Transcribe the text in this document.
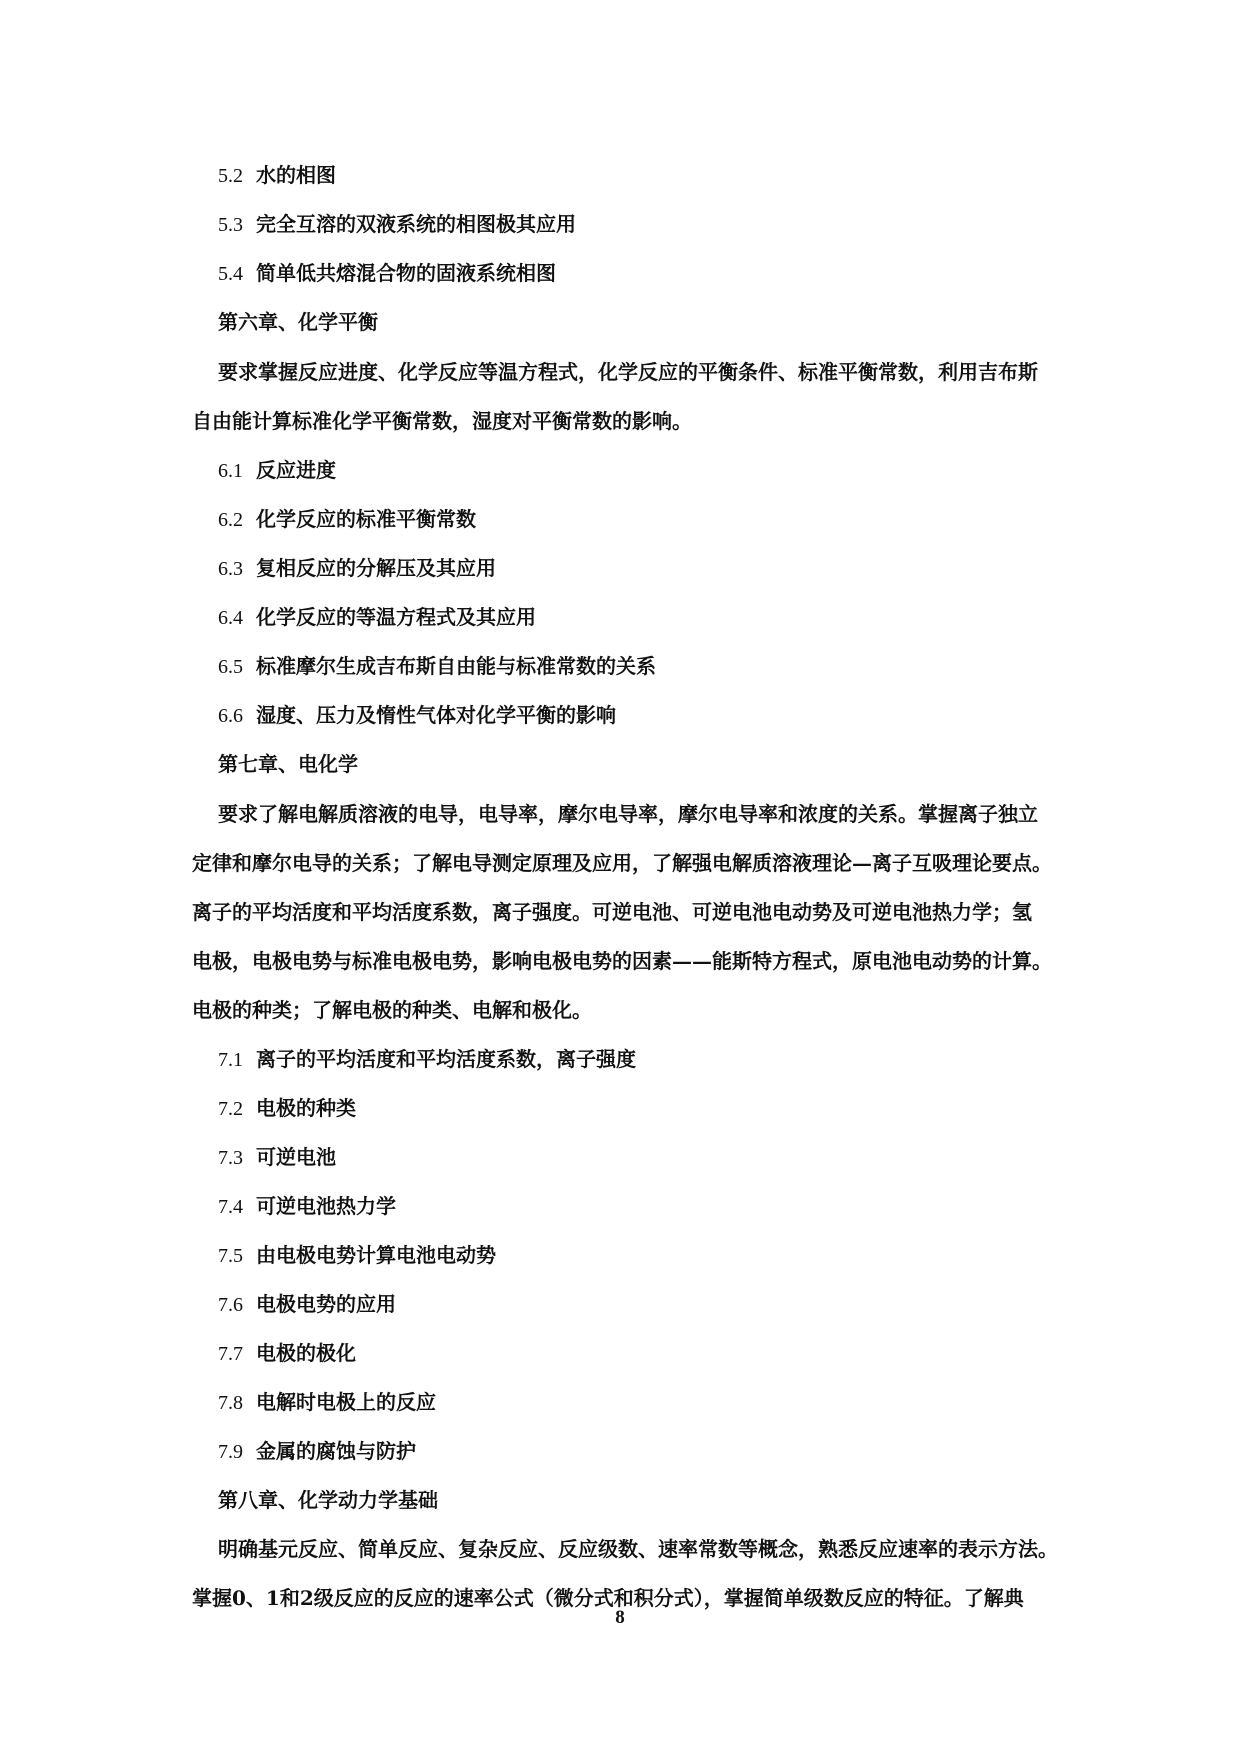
5.2 水的相图
5.3 完全互溶的双液系统的相图极其应用
5.4 简单低共熔混合物的固液系统相图
第六章、化学平衡
要求掌握反应进度、化学反应等温方程式，化学反应的平衡条件、标准平衡常数，利用吉布斯
自由能计算标准化学平衡常数，湿度对平衡常数的影响。
6.1 反应进度
6.2 化学反应的标准平衡常数
6.3 复相反应的分解压及其应用
6.4 化学反应的等温方程式及其应用
6.5 标准摩尔生成吉布斯自由能与标准常数的关系
6.6 湿度、压力及惰性气体对化学平衡的影响
第七章、电化学
要求了解电解质溶液的电导，电导率，摩尔电导率，摩尔电导率和浓度的关系。掌握离子独立
定律和摩尔电导的关系；了解电导测定原理及应用，了解强电解质溶液理论—离子互吸理论要点。
离子的平均活度和平均活度系数，离子强度。可逆电池、可逆电池电动势及可逆电池热力学；氢
电极，电极电势与标准电极电势，影响电极电势的因素——能斯特方程式，原电池电动势的计算。
电极的种类；了解电极的种类、电解和极化。
7.1 离子的平均活度和平均活度系数，离子强度
7.2 电极的种类
7.3 可逆电池
7.4 可逆电池热力学
7.5 由电极电势计算电池电动势
7.6 电极电势的应用
7.7 电极的极化
7.8 电解时电极上的反应
7.9 金属的腐蚀与防护
第八章、化学动力学基础
明确基元反应、简单反应、复杂反应、反应级数、速率常数等概念，熟悉反应速率的表示方法。
掌握0、1和2级反应的反应的速率公式（微分式和积分式），掌握简单级数反应的特征。了解典
8
